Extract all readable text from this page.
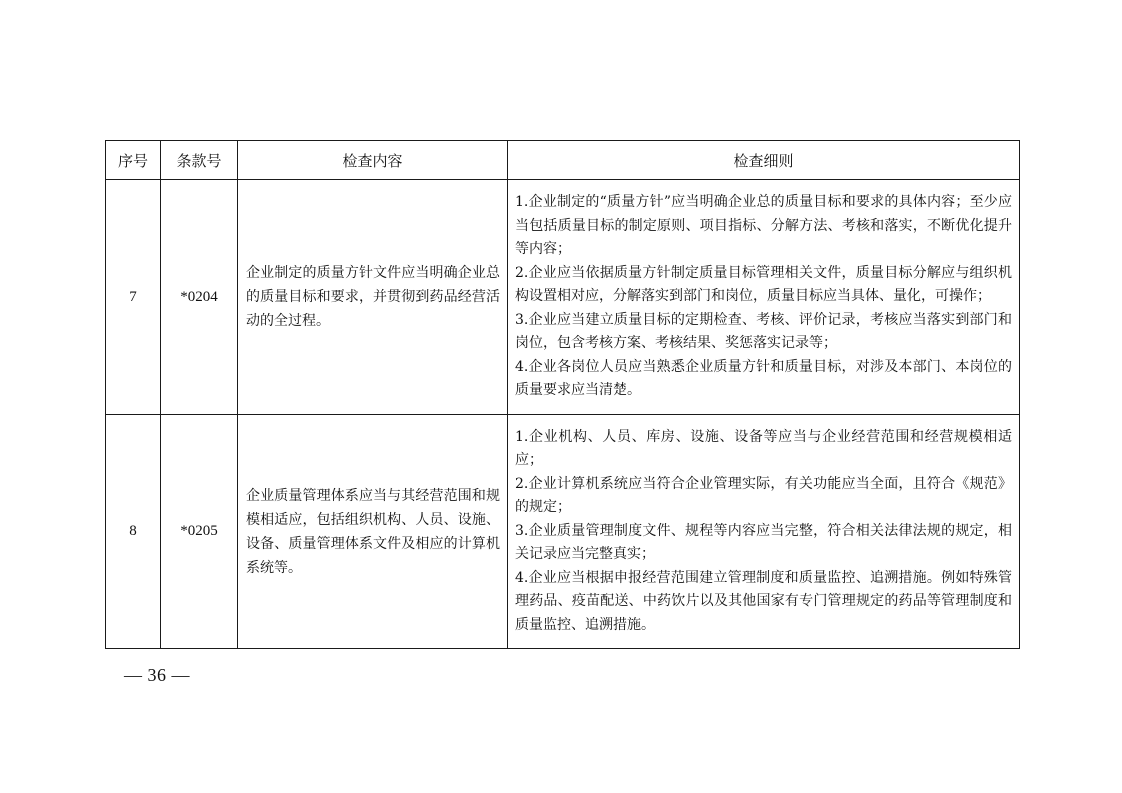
序号	条款号	检查内容	检查细则
7	*0204	企业制定的质量方针文件应当明确企业总的质量目标和要求，并贯彻到药品经营活动的全过程。	1.企业制定的“质量方针”应当明确企业总的质量目标和要求的具体内容；至少应当包括质量目标的制定原则、项目指标、分解方法、考核和落实，不断优化提升等内容；
2.企业应当依据质量方针制定质量目标管理相关文件，质量目标分解应与组织机构设置相对应，分解落实到部门和岗位，质量目标应当具体、量化，可操作；
3.企业应当建立质量目标的定期检查、考核、评价记录，考核应当落实到部门和岗位，包含考核方案、考核结果、奖惩落实记录等；
4.企业各岗位人员应当熟悉企业质量方针和质量目标，对涉及本部门、本岗位的质量要求应当清楚。

8	*0205	企业质量管理体系应当与其经营范围和规模相适应，包括组织机构、人员、设施、设备、质量管理体系文件及相应的计算机系统等。	1.企业机构、人员、库房、设施、设备等应当与企业经营范围和经营规模相适应；
2.企业计算机系统应当符合企业管理实际，有关功能应当全面，且符合《规范》的规定；
3.企业质量管理制度文件、规程等内容应当完整，符合相关法律法规的规定，相关记录应当完整真实；
4.企业应当根据申报经营范围建立管理制度和质量监控、追溯措施。例如特殊管理药品、疫苗配送、中药饮片以及其他国家有专门管理规定的药品等管理制度和质量监控、追溯措施。
— 36 —
